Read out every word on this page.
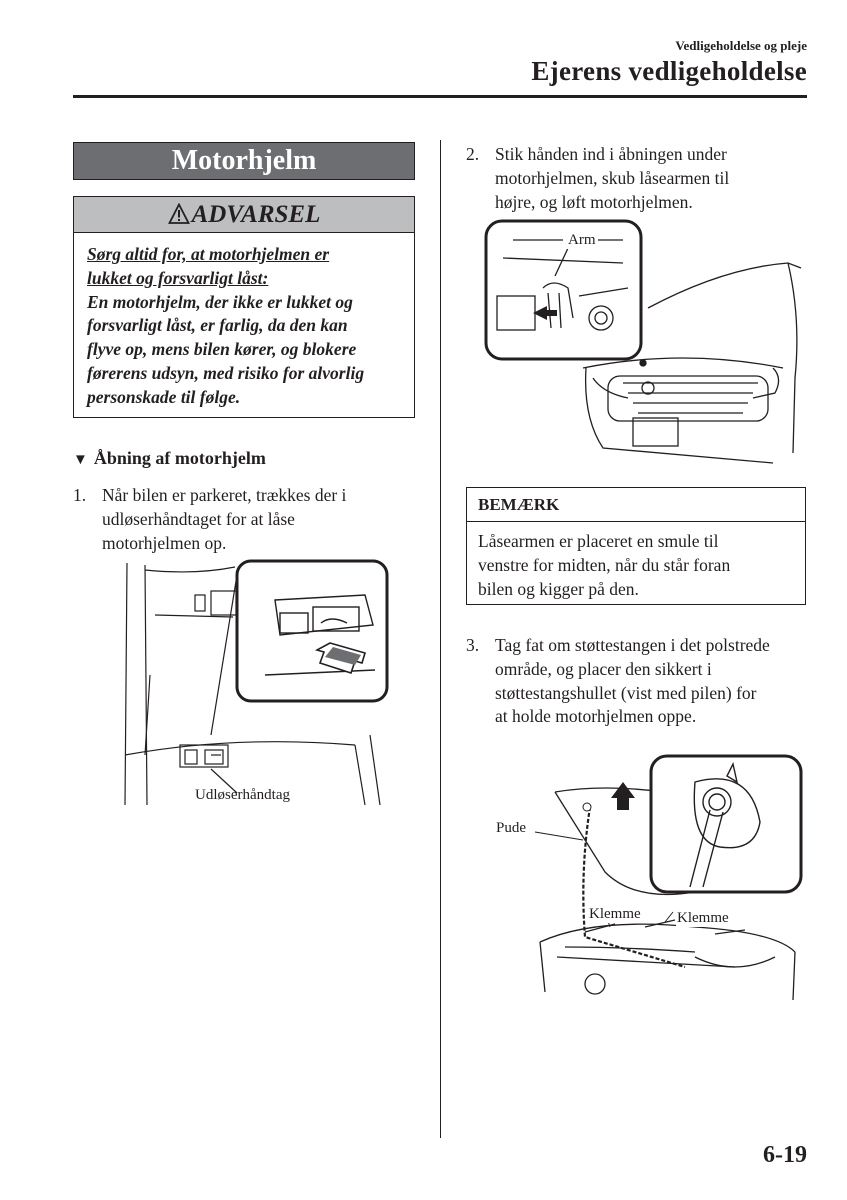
Vedligeholdelse og pleje
Ejerens vedligeholdelse
Motorhjelm
ADVARSEL
Sørg altid for, at motorhjelmen er
lukket og forsvarligt låst:
En motorhjelm, der ikke er lukket og
forsvarligt låst, er farlig, da den kan
flyve op, mens bilen kører, og blokere
førerens udsyn, med risiko for alvorlig
personskade til følge.
▼ Åbning af motorhjelm
1. Når bilen er parkeret, trækkes der i
udløserhåndtaget for at låse
motorhjelmen op.
Udløserhåndtag
2. Stik hånden ind i åbningen under
motorhjelmen, skub låsearmen til
højre, og løft motorhjelmen.
Arm
BEMÆRK
Låsearmen er placeret en smule til
venstre for midten, når du står foran
bilen og kigger på den.
3. Tag fat om støttestangen i det polstrede
område, og placer den sikkert i
støttestangshullet (vist med pilen) for
at holde motorhjelmen oppe.
Pude
Klemme Klemme
6-19
